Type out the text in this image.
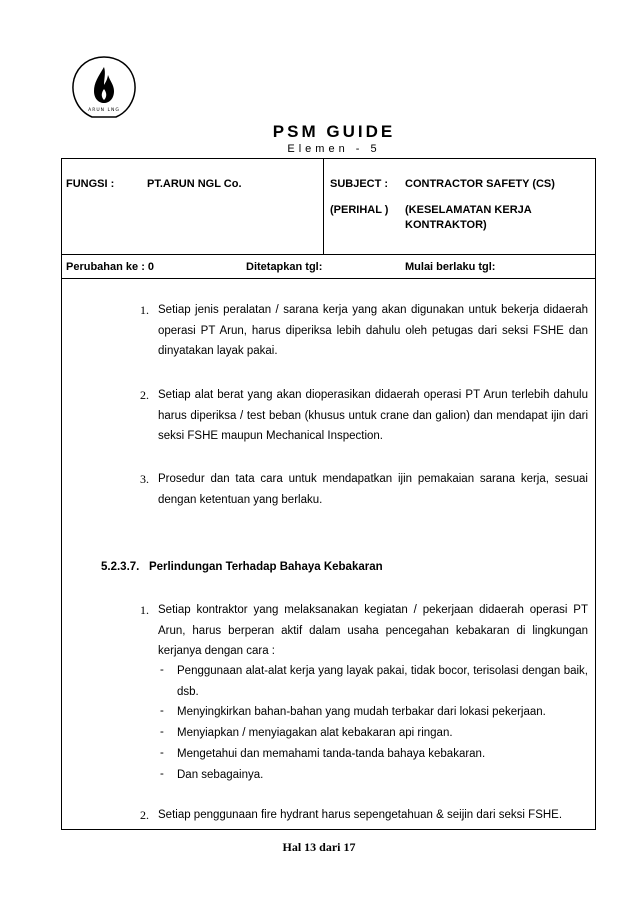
ARUN LNG
PSM GUIDE
Elemen - 5
FUNGSI :	PT.ARUN NGL Co.	SUBJECT : CONTRACTOR SAFETY (CS)
(PERIHAL ) (KESELAMATAN KERJA
KONTRAKTOR)
Perubahan ke : 0	Ditetapkan tgl:	Mulai berlaku tgl:
1. Setiap jenis peralatan / sarana kerja yang akan digunakan untuk bekerja didaerah operasi PT Arun, harus diperiksa lebih dahulu oleh petugas dari seksi FSHE dan dinyatakan layak pakai.
2. Setiap alat berat yang akan dioperasikan didaerah operasi PT Arun terlebih dahulu harus diperiksa / test beban (khusus untuk crane dan galion) dan mendapat ijin dari seksi FSHE maupun Mechanical Inspection.
3. Prosedur dan tata cara untuk mendapatkan ijin pemakaian sarana kerja, sesuai dengan ketentuan yang berlaku.
5.2.3.7.   Perlindungan Terhadap Bahaya Kebakaran
1. Setiap kontraktor yang melaksanakan kegiatan / pekerjaan didaerah operasi PT Arun, harus berperan aktif dalam usaha pencegahan kebakaran di lingkungan kerjanya dengan cara :
- Penggunaan alat-alat kerja yang layak pakai, tidak bocor, terisolasi dengan baik, dsb.
- Menyingkirkan bahan-bahan yang mudah terbakar dari lokasi pekerjaan.
- Menyiapkan / menyiagakan alat kebakaran api ringan.
- Mengetahui dan memahami tanda-tanda bahaya kebakaran.
- Dan sebagainya.
2. Setiap penggunaan fire hydrant harus sepengetahuan & seijin dari seksi FSHE.
Hal 13 dari 17
